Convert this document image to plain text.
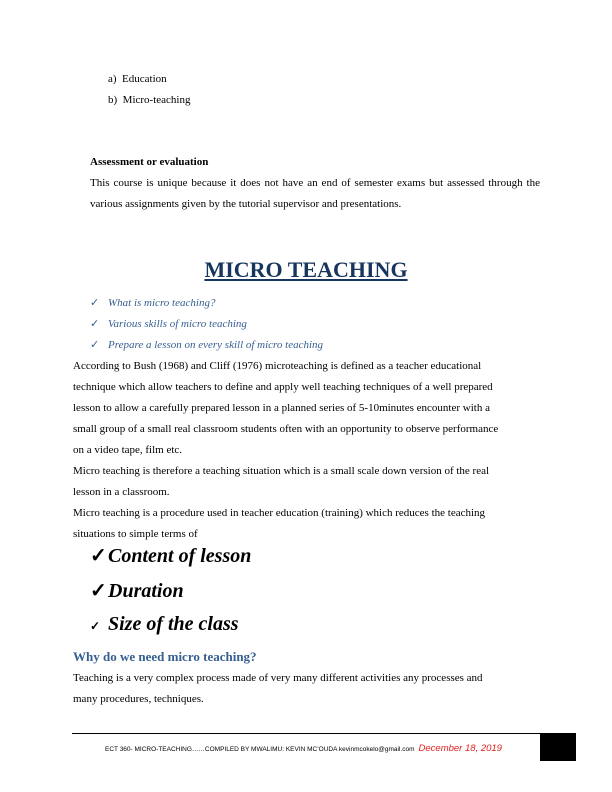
a)  Education
b)  Micro-teaching
Assessment or evaluation
This course is unique because it does not have an end of semester exams but assessed through the various assignments given by the tutorial supervisor and presentations.
MICRO TEACHING
✓ What is micro teaching?
✓ Various skills of micro teaching
✓ Prepare a lesson on every skill of micro teaching
According to Bush (1968) and Cliff (1976) microteaching is defined as a teacher educational
technique which allow teachers to define and apply well teaching techniques of a well prepared
lesson to allow a carefully prepared lesson in a planned series of 5-10minutes encounter with a
small group of a small real classroom students often with an opportunity to observe performance
on a video tape, film etc.
Micro teaching is therefore a teaching situation which is a small scale down version of the real
lesson in a classroom.
Micro teaching is a procedure used in teacher education (training) which reduces the teaching
situations to simple terms of
✓Content of lesson
✓Duration
✓ Size of the class
Why do we need micro teaching?
Teaching is a very complex process made of very many different activities any processes and
many procedures, techniques.
ECT 360- MICRO-TEACHING……COMPILED BY MWALIMU: KEVIN MC’OUDA kevinmcokelo@gmail.com December 18, 2019
